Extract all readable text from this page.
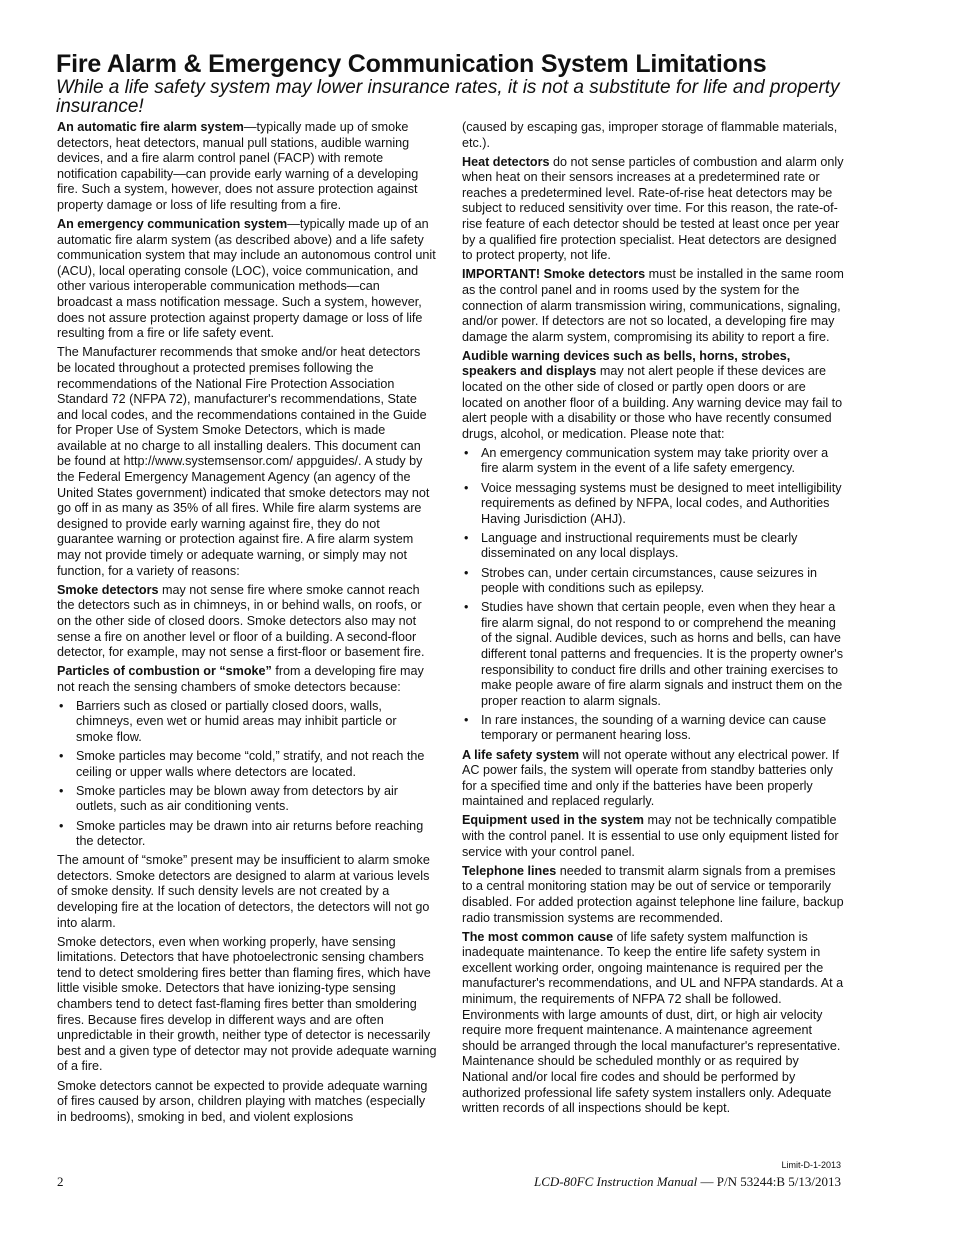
Fire Alarm & Emergency Communication System Limitations

While a life safety system may lower insurance rates, it is not a substitute for life and property insurance!

An automatic fire alarm system—typically made up of smoke detectors, heat detectors, manual pull stations, audible warning devices, and a fire alarm control panel (FACP) with remote notification capability—can provide early warning of a developing fire. Such a system, however, does not assure protection against property damage or loss of life resulting from a fire.

An emergency communication system—typically made up of an automatic fire alarm system (as described above) and a life safety communication system that may include an autonomous control unit (ACU), local operating console (LOC), voice communication, and other various interoperable communication methods—can broadcast a mass notification message. Such a system, however, does not assure protection against property damage or loss of life resulting from a fire or life safety event.

The Manufacturer recommends that smoke and/or heat detectors be located throughout a protected premises following the recommendations of the National Fire Protection Association Standard 72 (NFPA 72), manufacturer's recommendations, State and local codes, and the recommendations contained in the Guide for Proper Use of System Smoke Detectors, which is made available at no charge to all installing dealers. This document can be found at http://www.systemsensor.com/ appguides/. A study by the Federal Emergency Management Agency (an agency of the United States government) indicated that smoke detectors may not go off in as many as 35% of all fires. While fire alarm systems are designed to provide early warning against fire, they do not guarantee warning or protection against fire. A fire alarm system may not provide timely or adequate warning, or simply may not function, for a variety of reasons:

Smoke detectors may not sense fire where smoke cannot reach the detectors such as in chimneys, in or behind walls, on roofs, or on the other side of closed doors. Smoke detectors also may not sense a fire on another level or floor of a building. A second-floor detector, for example, may not sense a first-floor or basement fire.

Particles of combustion or “smoke” from a developing fire may not reach the sensing chambers of smoke detectors because:

• Barriers such as closed or partially closed doors, walls, chimneys, even wet or humid areas may inhibit particle or smoke flow.
• Smoke particles may become “cold,” stratify, and not reach the ceiling or upper walls where detectors are located.
• Smoke particles may be blown away from detectors by air outlets, such as air conditioning vents.
• Smoke particles may be drawn into air returns before reaching the detector.

The amount of “smoke” present may be insufficient to alarm smoke detectors. Smoke detectors are designed to alarm at various levels of smoke density. If such density levels are not created by a developing fire at the location of detectors, the detectors will not go into alarm.

Smoke detectors, even when working properly, have sensing limitations. Detectors that have photoelectronic sensing chambers tend to detect smoldering fires better than flaming fires, which have little visible smoke. Detectors that have ionizing-type sensing chambers tend to detect fast-flaming fires better than smoldering fires. Because fires develop in different ways and are often unpredictable in their growth, neither type of detector is necessarily best and a given type of detector may not provide adequate warning of a fire.

Smoke detectors cannot be expected to provide adequate warning of fires caused by arson, children playing with matches (especially in bedrooms), smoking in bed, and violent explosions

(caused by escaping gas, improper storage of flammable materials, etc.).

Heat detectors do not sense particles of combustion and alarm only when heat on their sensors increases at a predetermined rate or reaches a predetermined level. Rate-of-rise heat detectors may be subject to reduced sensitivity over time. For this reason, the rate-of-rise feature of each detector should be tested at least once per year by a qualified fire protection specialist. Heat detectors are designed to protect property, not life.

IMPORTANT! Smoke detectors must be installed in the same room as the control panel and in rooms used by the system for the connection of alarm transmission wiring, communications, signaling, and/or power. If detectors are not so located, a developing fire may damage the alarm system, compromising its ability to report a fire.

Audible warning devices such as bells, horns, strobes, speakers and displays may not alert people if these devices are located on the other side of closed or partly open doors or are located on another floor of a building. Any warning device may fail to alert people with a disability or those who have recently consumed drugs, alcohol, or medication. Please note that:

• An emergency communication system may take priority over a fire alarm system in the event of a life safety emergency.
• Voice messaging systems must be designed to meet intelligibility requirements as defined by NFPA, local codes, and Authorities Having Jurisdiction (AHJ).
• Language and instructional requirements must be clearly disseminated on any local displays.
• Strobes can, under certain circumstances, cause seizures in people with conditions such as epilepsy.
• Studies have shown that certain people, even when they hear a fire alarm signal, do not respond to or comprehend the meaning of the signal. Audible devices, such as horns and bells, can have different tonal patterns and frequencies. It is the property owner's responsibility to conduct fire drills and other training exercises to make people aware of fire alarm signals and instruct them on the proper reaction to alarm signals.
• In rare instances, the sounding of a warning device can cause temporary or permanent hearing loss.

A life safety system will not operate without any electrical power. If AC power fails, the system will operate from standby batteries only for a specified time and only if the batteries have been properly maintained and replaced regularly.

Equipment used in the system may not be technically compatible with the control panel. It is essential to use only equipment listed for service with your control panel.

Telephone lines needed to transmit alarm signals from a premises to a central monitoring station may be out of service or temporarily disabled. For added protection against telephone line failure, backup radio transmission systems are recommended.

The most common cause of life safety system malfunction is inadequate maintenance. To keep the entire life safety system in excellent working order, ongoing maintenance is required per the manufacturer's recommendations, and UL and NFPA standards. At a minimum, the requirements of NFPA 72 shall be followed. Environments with large amounts of dust, dirt, or high air velocity require more frequent maintenance. A maintenance agreement should be arranged through the local manufacturer's representative. Maintenance should be scheduled monthly or as required by National and/or local fire codes and should be performed by authorized professional life safety system installers only. Adequate written records of all inspections should be kept.

Limit-D-1-2013
2	LCD-80FC Instruction Manual — P/N 53244:B 5/13/2013
